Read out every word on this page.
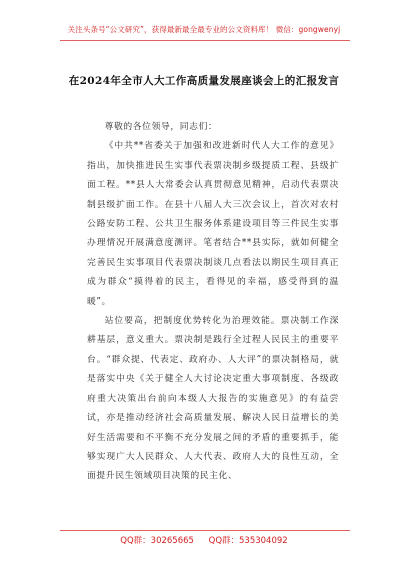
关注头条号“公文研究”，获得最新最全最专业的公文资料库！ 微信：gongwenyj
在2024年全市人大工作高质量发展座谈会上的汇报发言

尊敬的各位领导，同志们：

《中共**省委关于加强和改进新时代人大工作的意见》指出，加快推进民生实事代表票决制乡级提质工程、县级扩面工程。**县人大常委会认真贯彻意见精神，启动代表票决制县级扩面工作。在县十八届人大三次会议上，首次对农村公路安防工程、公共卫生服务体系建设项目等三件民生实事办理情况开展满意度测评。笔者结合**县实际，就如何健全完善民生实事项目代表票决制谈几点看法以期民生项目真正成为群众“摸得着的民主，看得见的幸福，感受得到的温暖”。

站位要高，把制度优势转化为治理效能。票决制工作深耕基层，意义重大。票决制是践行全过程人民民主的重要平台。“群众提、代表定、政府办、人大评”的票决制格局，就是落实中央《关于健全人大讨论决定重大事项制度、各级政府重大决策出台前向本级人大报告的实施意见》的有益尝试，亦是推动经济社会高质量发展、解决人民日益增长的美好生活需要和不平衡不充分发展之间的矛盾的重要抓手，能够实现广大人民群众、人大代表、政府人大的良性互动，全面提升民生领域项目决策的民主化、

QQ群：30265665 QQ群：535304092
